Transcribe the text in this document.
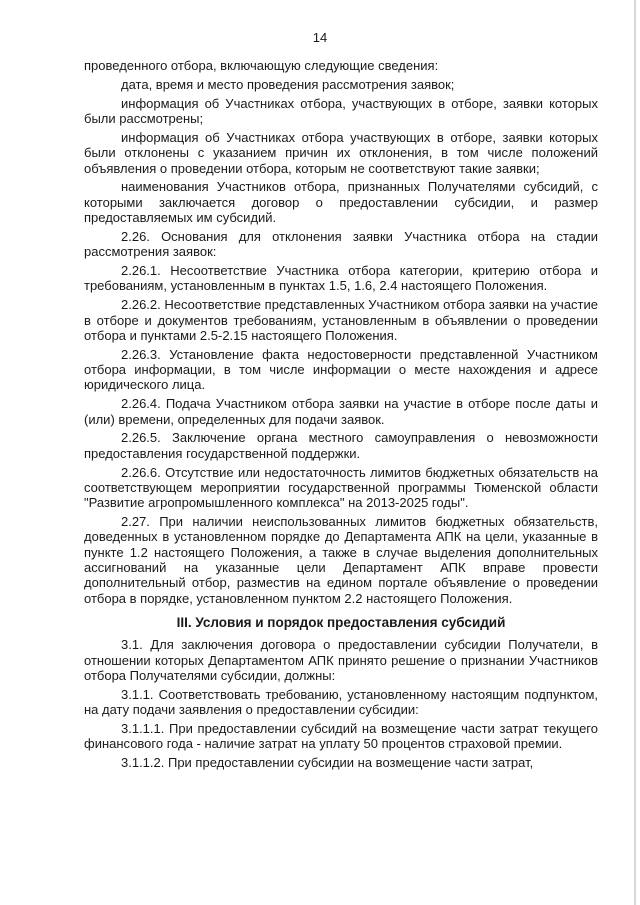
14

проведенного отбора, включающую следующие сведения:

дата, время и место проведения рассмотрения заявок;

информация об Участниках отбора, участвующих в отборе, заявки которых были рассмотрены;

информация об Участниках отбора участвующих в отборе, заявки которых были отклонены с указанием причин их отклонения, в том числе положений объявления о проведении отбора, которым не соответствуют такие заявки;

наименования Участников отбора, признанных Получателями субсидий, с которыми заключается договор о предоставлении субсидии, и размер предоставляемых им субсидий.

2.26. Основания для отклонения заявки Участника отбора на стадии рассмотрения заявок:

2.26.1. Несоответствие Участника отбора категории, критерию отбора и требованиям, установленным в пунктах 1.5, 1.6, 2.4 настоящего Положения.

2.26.2. Несоответствие представленных Участником отбора заявки на участие в отборе и документов требованиям, установленным в объявлении о проведении отбора и пунктами 2.5-2.15 настоящего Положения.

2.26.3. Установление факта недостоверности представленной Участником отбора информации, в том числе информации о месте нахождения и адресе юридического лица.

2.26.4. Подача Участником отбора заявки на участие в отборе после даты и (или) времени, определенных для подачи заявок.

2.26.5. Заключение органа местного самоуправления о невозможности предоставления государственной поддержки.

2.26.6. Отсутствие или недостаточность лимитов бюджетных обязательств на соответствующем мероприятии государственной программы Тюменской области "Развитие агропромышленного комплекса" на 2013-2025 годы".

2.27. При наличии неиспользованных лимитов бюджетных обязательств, доведенных в установленном порядке до Департамента АПК на цели, указанные в пункте 1.2 настоящего Положения, а также в случае выделения дополнительных ассигнований на указанные цели Департамент АПК вправе провести дополнительный отбор, разместив на едином портале объявление о проведении отбора в порядке, установленном пунктом 2.2 настоящего Положения.

III. Условия и порядок предоставления субсидий

3.1. Для заключения договора о предоставлении субсидии Получатели, в отношении которых Департаментом АПК принято решение о признании Участников отбора Получателями субсидии, должны:

3.1.1. Соответствовать требованию, установленному настоящим подпунктом, на дату подачи заявления о предоставлении субсидии:

3.1.1.1. При предоставлении субсидий на возмещение части затрат текущего финансового года - наличие затрат на уплату 50 процентов страховой премии.

3.1.1.2. При предоставлении субсидии на возмещение части затрат,
